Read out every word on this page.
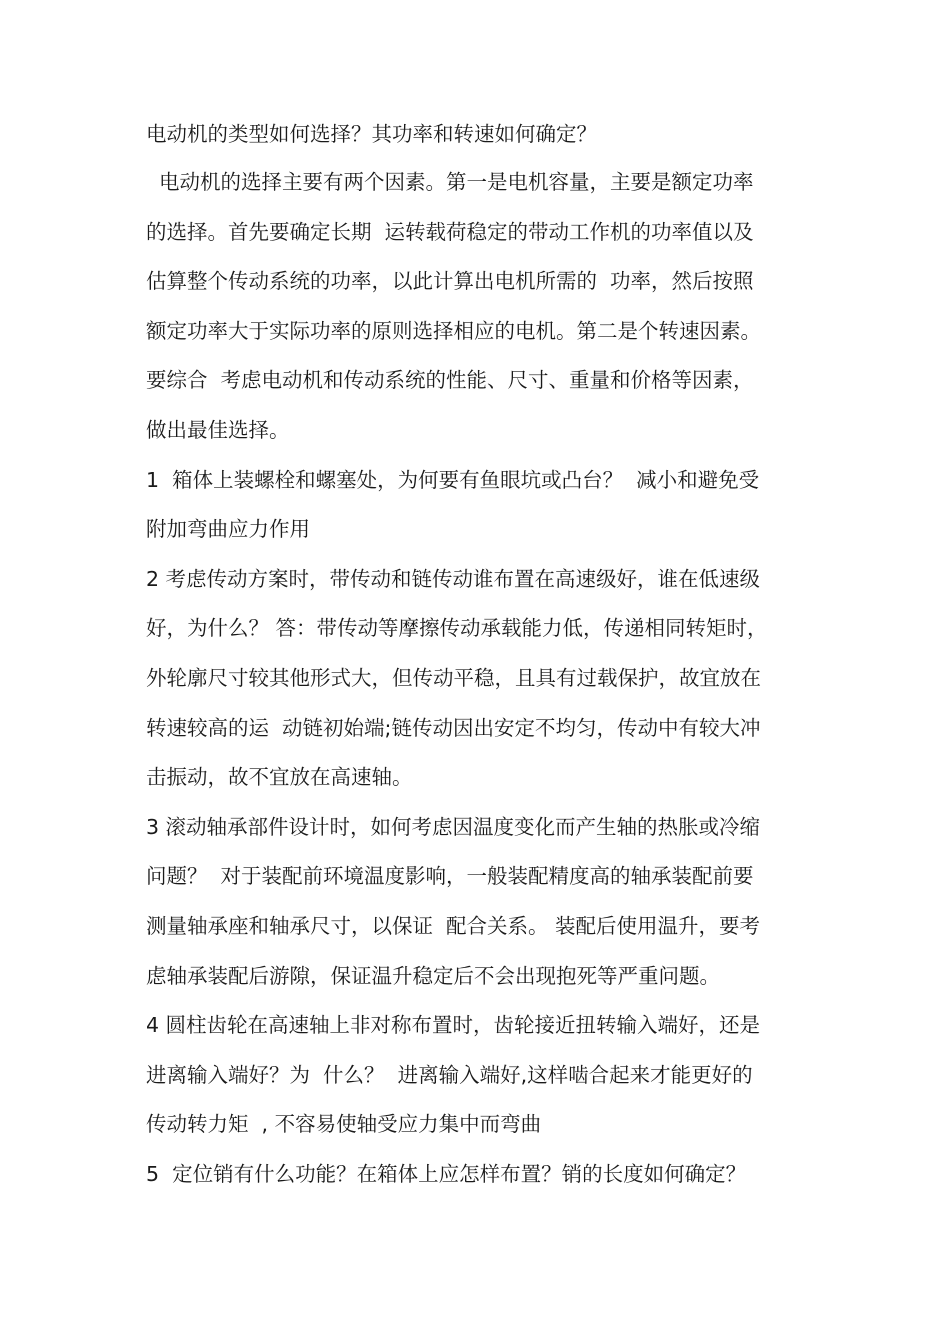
电动机的类型如何选择？其功率和转速如何确定？

电动机的选择主要有两个因素。第一是电机容量，主要是额定功率

的选择。首先要确定长期  运转载荷稳定的带动工作机的功率值以及

估算整个传动系统的功率，以此计算出电机所需的  功率，然后按照

额定功率大于实际功率的原则选择相应的电机。第二是个转速因素。

要综合  考虑电动机和传动系统的性能、尺寸、重量和价格等因素，

做出最佳选择。

1  箱体上装螺栓和螺塞处，为何要有鱼眼坑或凸台？  减小和避免受

附加弯曲应力作用

2 考虑传动方案时，带传动和链传动谁布置在高速级好，谁在低速级

好，为什么？ 答：带传动等摩擦传动承载能力低，传递相同转矩时，

外轮廓尺寸较其他形式大，但传动平稳，且具有过载保护，故宜放在

转速较高的运  动链初始端;链传动因出安定不均匀，传动中有较大冲

击振动，故不宜放在高速轴。

3 滚动轴承部件设计时，如何考虑因温度变化而产生轴的热胀或冷缩

问题？  对于装配前环境温度影响，一般装配精度高的轴承装配前要

测量轴承座和轴承尺寸，以保证  配合关系。 装配后使用温升，要考

虑轴承装配后游隙，保证温升稳定后不会出现抱死等严重问题。

4 圆柱齿轮在高速轴上非对称布置时，齿轮接近扭转输入端好，还是

进离输入端好？为  什么？  进离输入端好,这样啮合起来才能更好的

传动转力矩  , 不容易使轴受应力集中而弯曲

5  定位销有什么功能？在箱体上应怎样布置？销的长度如何确定？
